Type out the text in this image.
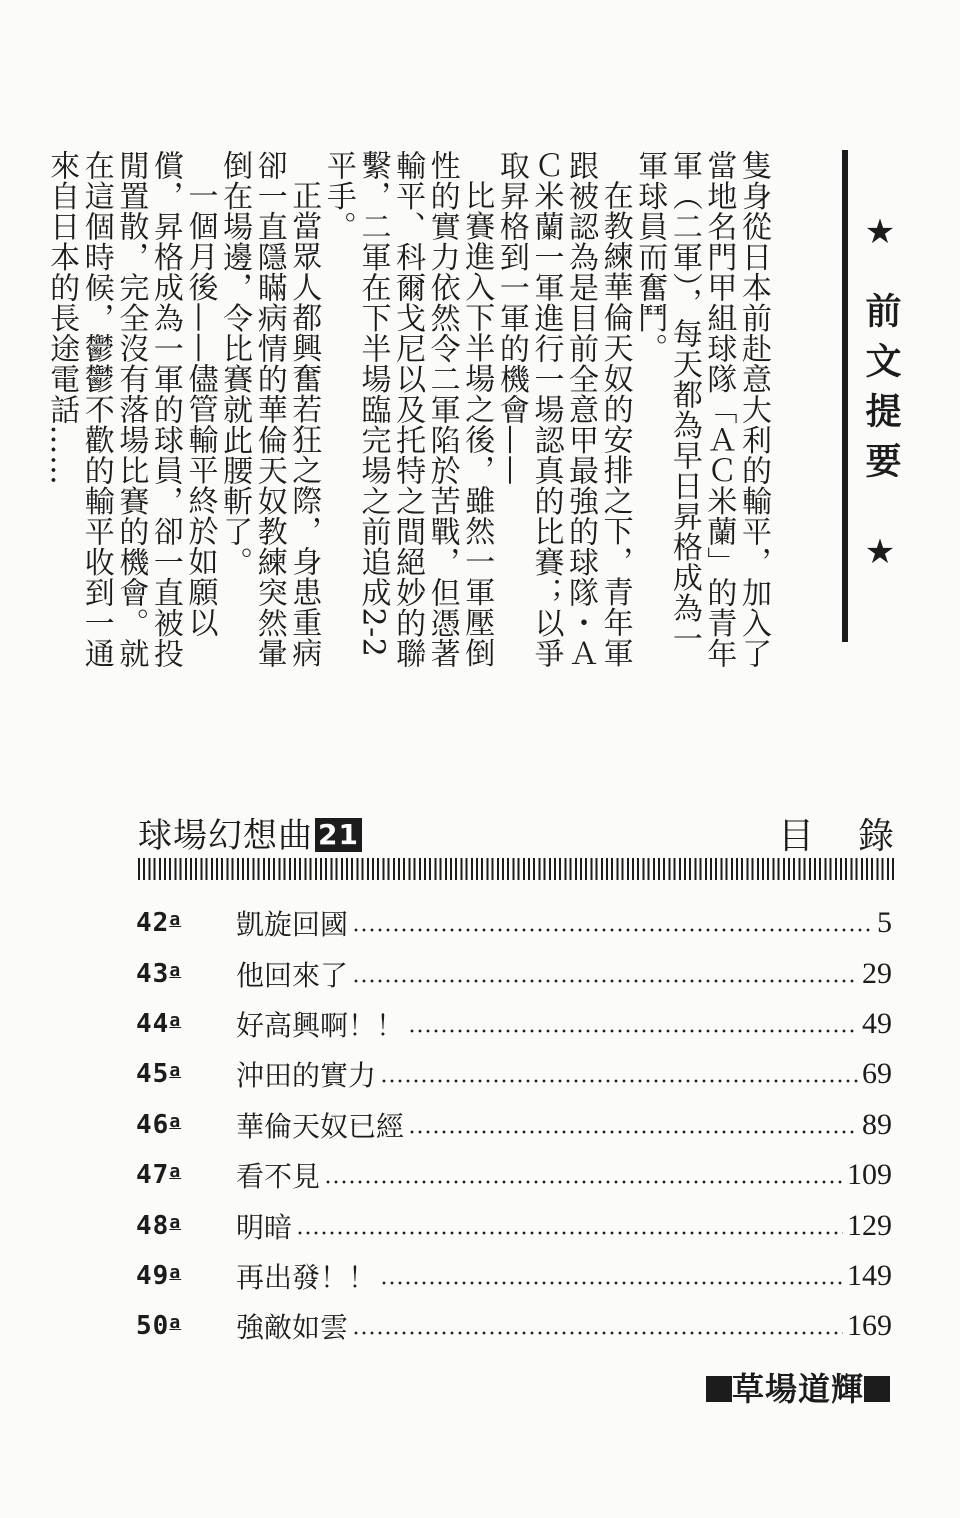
隻身從日本前赴意大利的輸平，加入了當地名門甲組球隊「ＡＣ米蘭」的青年軍（二軍），每天都為早日昇格成為一軍球員而奮鬥。

在教練華倫天奴的安排之下，青年軍跟被認為是目前全意甲最強的球隊・ＡＣ米蘭一軍進行一場認真的比賽；以爭取昇格到一軍的機會——

比賽進入下半場之後，雖然一軍壓倒性的實力依然令二軍陷於苦戰，但憑著輸平、科爾戈尼以及托特之間絕妙的聯繫，二軍在下半場臨完場之前追成2-2平手。

正當眾人都興奮若狂之際，身患重病卻一直隱瞞病情的華倫天奴教練突然暈倒在場邊，令比賽就此腰斬了。

一個月後——儘管輸平終於如願以償，昇格成為一軍的球員，卻一直被投閒置散，完全沒有落場比賽的機會。就在這個時候，鬱鬱不歡的輸平收到一通來自日本的長途電話……	★前文提要★
球場幻想曲 21	目錄
42$^a$	凱旋回國	5
43$^a$	他回來了	29
44$^a$	好高興啊！！	49
45$^a$	沖田的實力	69
46$^a$	華倫天奴已經	89
47$^a$	看不見	109
48$^a$	明暗	129
49$^a$	再出發！！	149
50$^a$	強敵如雲	169
草場道輝
